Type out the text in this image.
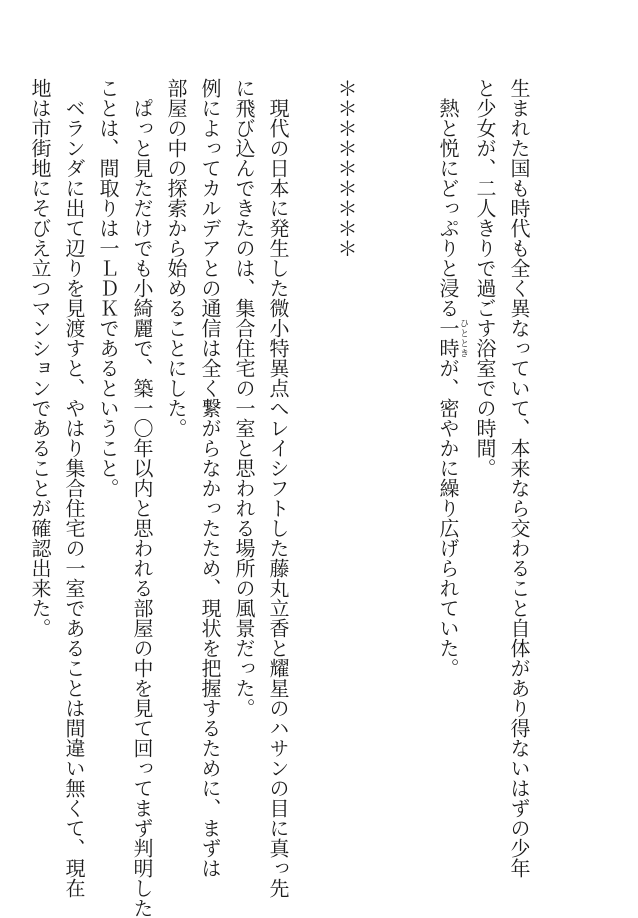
生まれた国も時代も全く異なっていて、本来なら交わること自体があり得ないはずの少年
と少女が、二人きりで過ごす浴室での時間。
熱と悦にどっぷりと浸る一時ひとときが、密やかに繰り広げられていた。
＊＊＊＊＊＊＊＊＊
現代の日本に発生した微小特異点へレイシフトした藤丸立香と耀星のハサンの目に真っ先
に飛び込んできたのは、集合住宅の一室と思われる場所の風景だった。
例によってカルデアとの通信は全く繋がらなかったため、現状を把握するために、まずは
部屋の中の探索から始めることにした。
ぱっと見ただけでも小綺麗で、築一〇年以内と思われる部屋の中を見て回ってまず判明した
ことは、間取りは一ＬＤＫであるということ。
ベランダに出て辺りを見渡すと、やはり集合住宅の一室であることは間違い無くて、現在
地は市街地にそびえ立つマンションであることが確認出来た。
